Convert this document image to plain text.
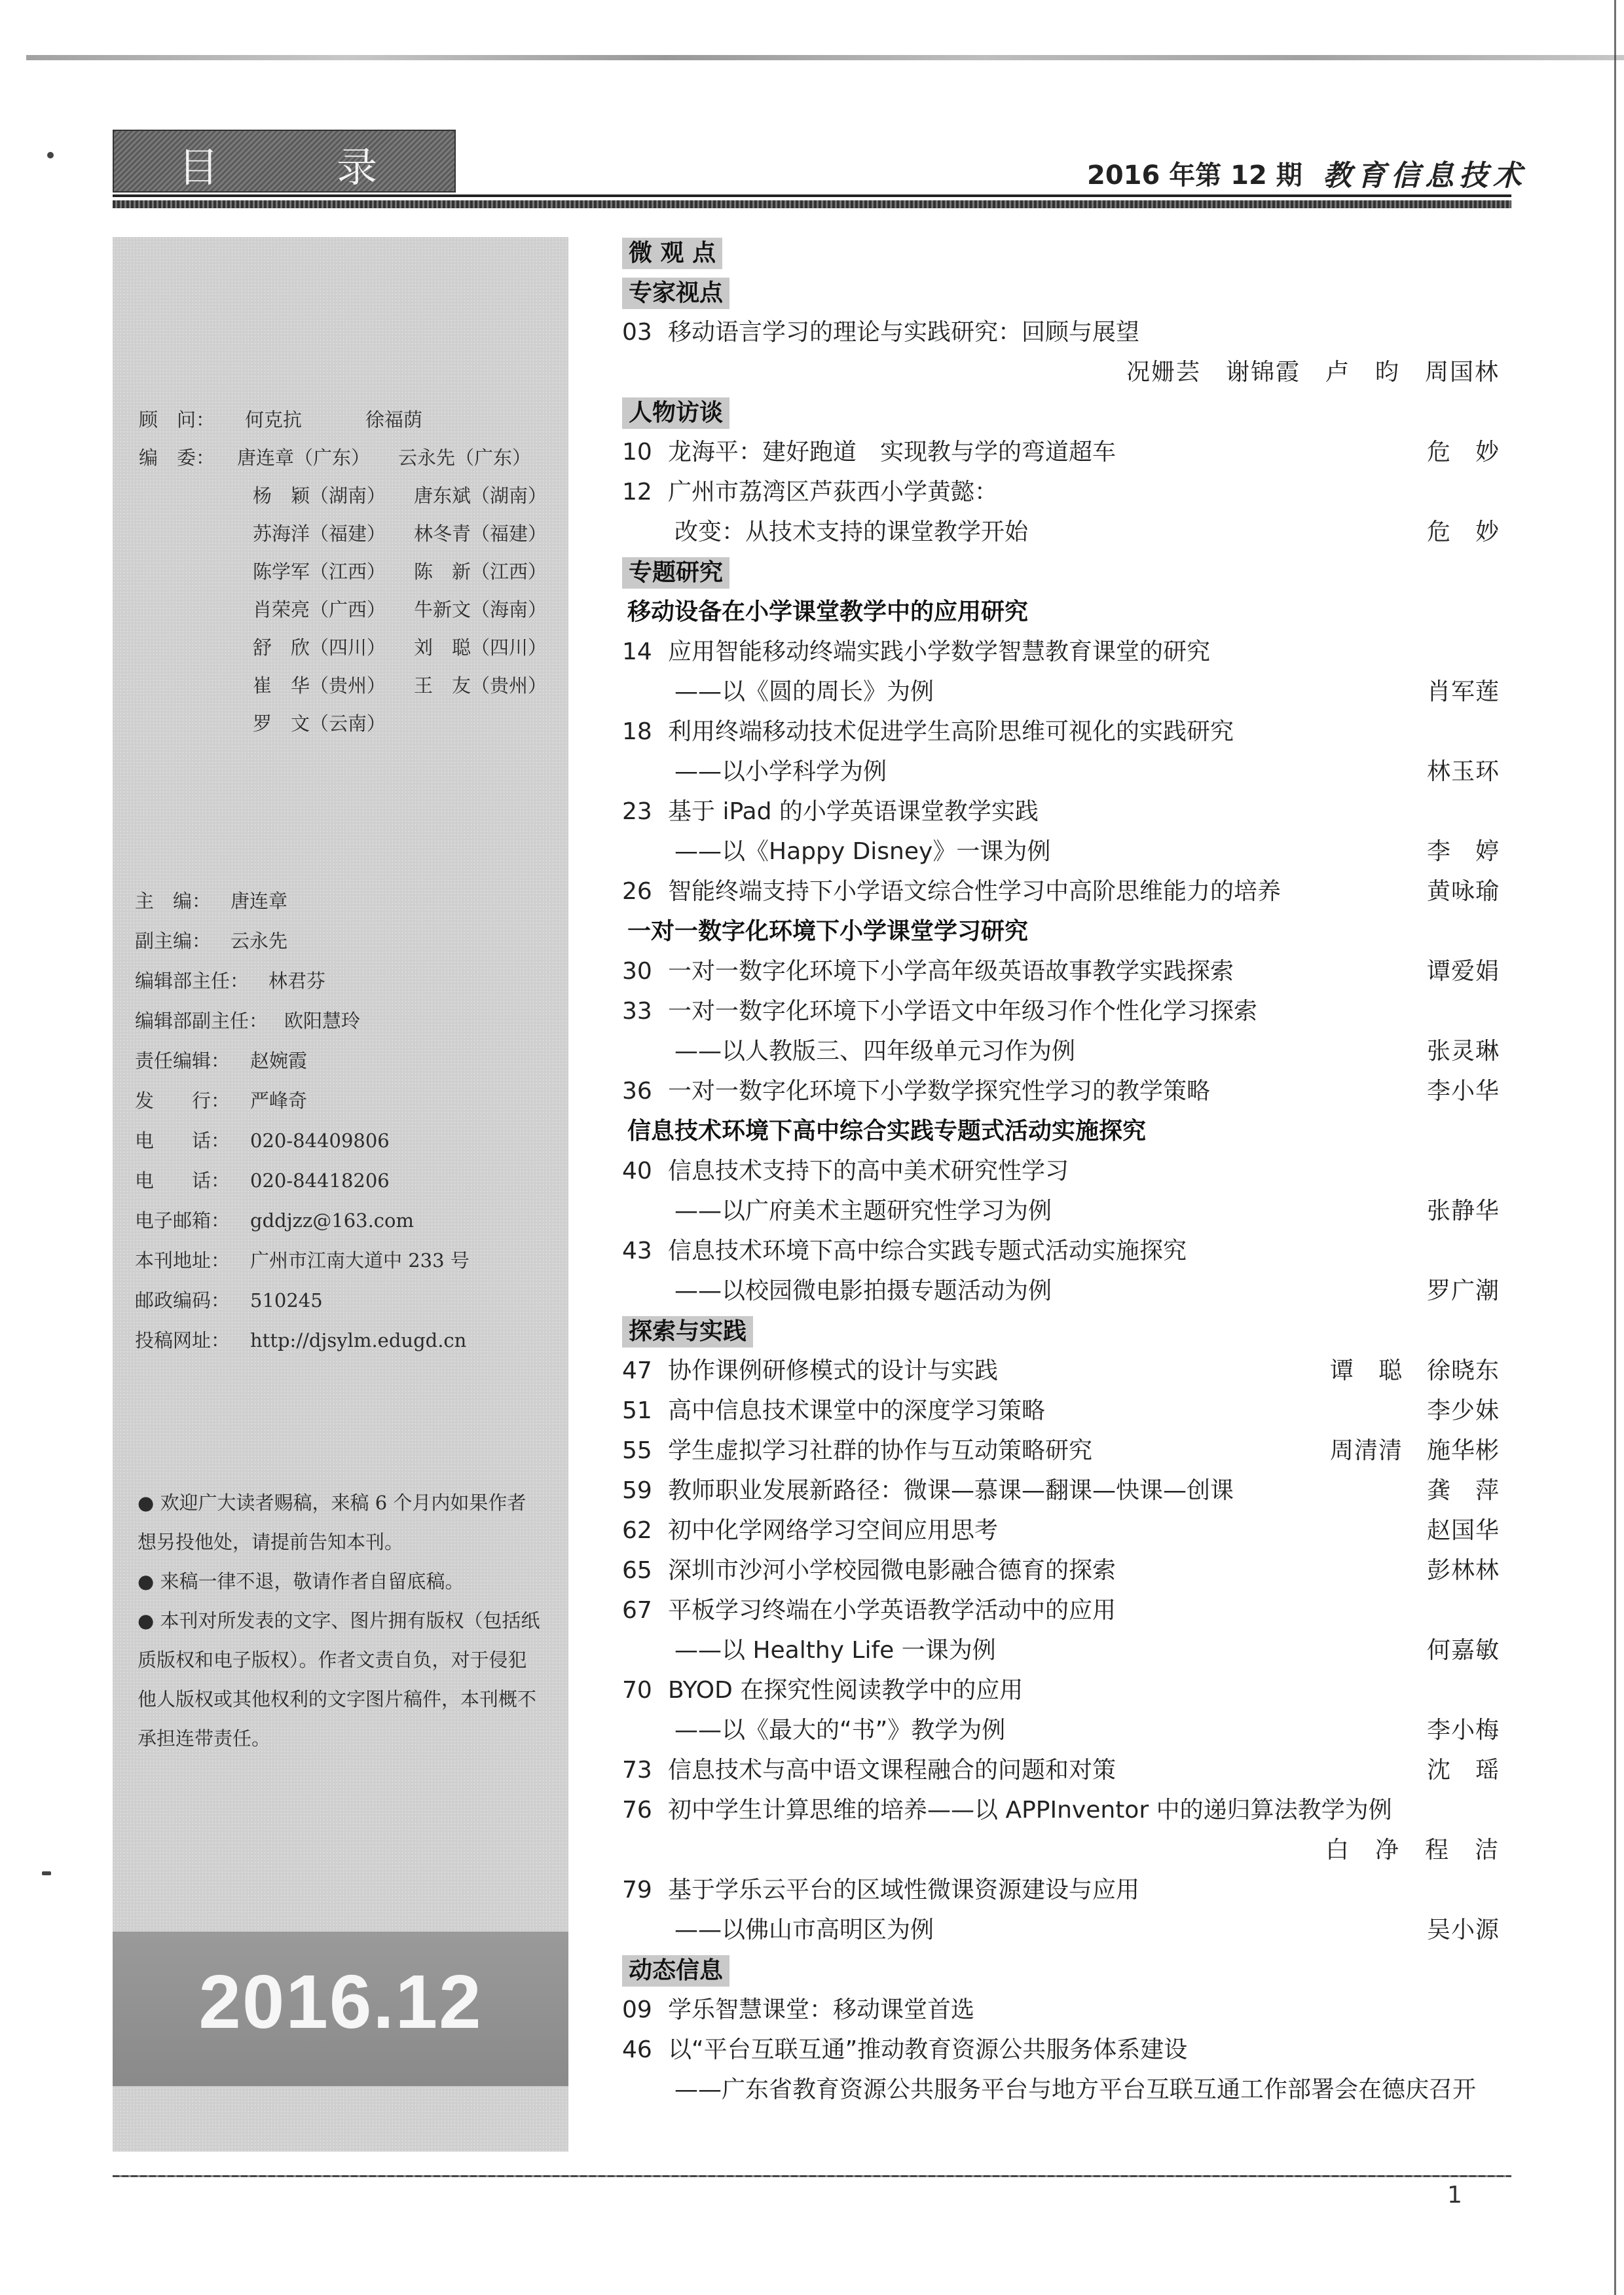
目	录	2016 年第 12 期 教育信息技术
顾　问：	何克抗	徐福荫
编　委：	唐连章（广东）	云永先（广东）
杨　颖（湖南）	唐东斌（湖南）
苏海洋（福建）	林冬青（福建）
陈学军（江西）	陈　新（江西）
肖荣亮（广西）	牛新文（海南）
舒　欣（四川）	刘　聪（四川）
崔　华（贵州）	王　友（贵州）
罗　文（云南）
主　编： 唐连章
副主编： 云永先
编辑部主任： 林君芬
编辑部副主任： 欧阳慧玲
责任编辑： 赵婉霞
发　　行： 严峰奇
电　　话： 020-84409806
电　　话： 020-84418206
电子邮箱： gddjzz@163.com
本刊地址： 广州市江南大道中 233 号
邮政编码： 510245
投稿网址： http://djsylm.edugd.cn

● 欢迎广大读者赐稿，来稿 6 个月内如果作者想另投他处，请提前告知本刊。

● 来稿一律不退，敬请作者自留底稿。

● 本刊对所发表的文字、图片拥有版权（包括纸质版权和电子版权）。作者文责自负，对于侵犯他人版权或其他权利的文字图片稿件，本刊概不承担连带责任。

2016.12
微 观 点
专家视点
03 移动语言学习的理论与实践研究：回顾与展望
况姗芸　谢锦霞　卢　昀　周国林
人物访谈
10 龙海平：建好跑道　实现教与学的弯道超车	危　妙
12 广州市荔湾区芦荻西小学黄懿：
改变：从技术支持的课堂教学开始	危　妙
专题研究
移动设备在小学课堂教学中的应用研究
14 应用智能移动终端实践小学数学智慧教育课堂的研究
——以《圆的周长》为例	肖军莲
18 利用终端移动技术促进学生高阶思维可视化的实践研究
——以小学科学为例	林玉环
23 基于 iPad 的小学英语课堂教学实践
——以《Happy Disney》一课为例	李　婷
26 智能终端支持下小学语文综合性学习中高阶思维能力的培养	黄咏瑜
一对一数字化环境下小学课堂学习研究
30 一对一数字化环境下小学高年级英语故事教学实践探索	谭爱娟
33 一对一数字化环境下小学语文中年级习作个性化学习探索
——以人教版三、四年级单元习作为例	张灵琳
36 一对一数字化环境下小学数学探究性学习的教学策略	李小华
信息技术环境下高中综合实践专题式活动实施探究
40 信息技术支持下的高中美术研究性学习
——以广府美术主题研究性学习为例	张静华
43 信息技术环境下高中综合实践专题式活动实施探究
——以校园微电影拍摄专题活动为例	罗广潮
探索与实践
47 协作课例研修模式的设计与实践	谭　聪　徐晓东
51 高中信息技术课堂中的深度学习策略	李少妹
55 学生虚拟学习社群的协作与互动策略研究	周清清　施华彬
59 教师职业发展新路径：微课—慕课—翻课—快课—创课	龚　萍
62 初中化学网络学习空间应用思考	赵国华
65 深圳市沙河小学校园微电影融合德育的探索	彭林林
67 平板学习终端在小学英语教学活动中的应用
——以 Healthy Life 一课为例	何嘉敏
70 BYOD 在探究性阅读教学中的应用
——以《最大的“书”》教学为例	李小梅
73 信息技术与高中语文课程融合的问题和对策	沈　瑶
76 初中学生计算思维的培养——以 APPInventor 中的递归算法教学为例
白　净　程　洁
79 基于学乐云平台的区域性微课资源建设与应用
——以佛山市高明区为例	吴小源
动态信息
09 学乐智慧课堂：移动课堂首选
46 以“平台互联互通”推动教育资源公共服务体系建设
——广东省教育资源公共服务平台与地方平台互联互通工作部署会在德庆召开
1
